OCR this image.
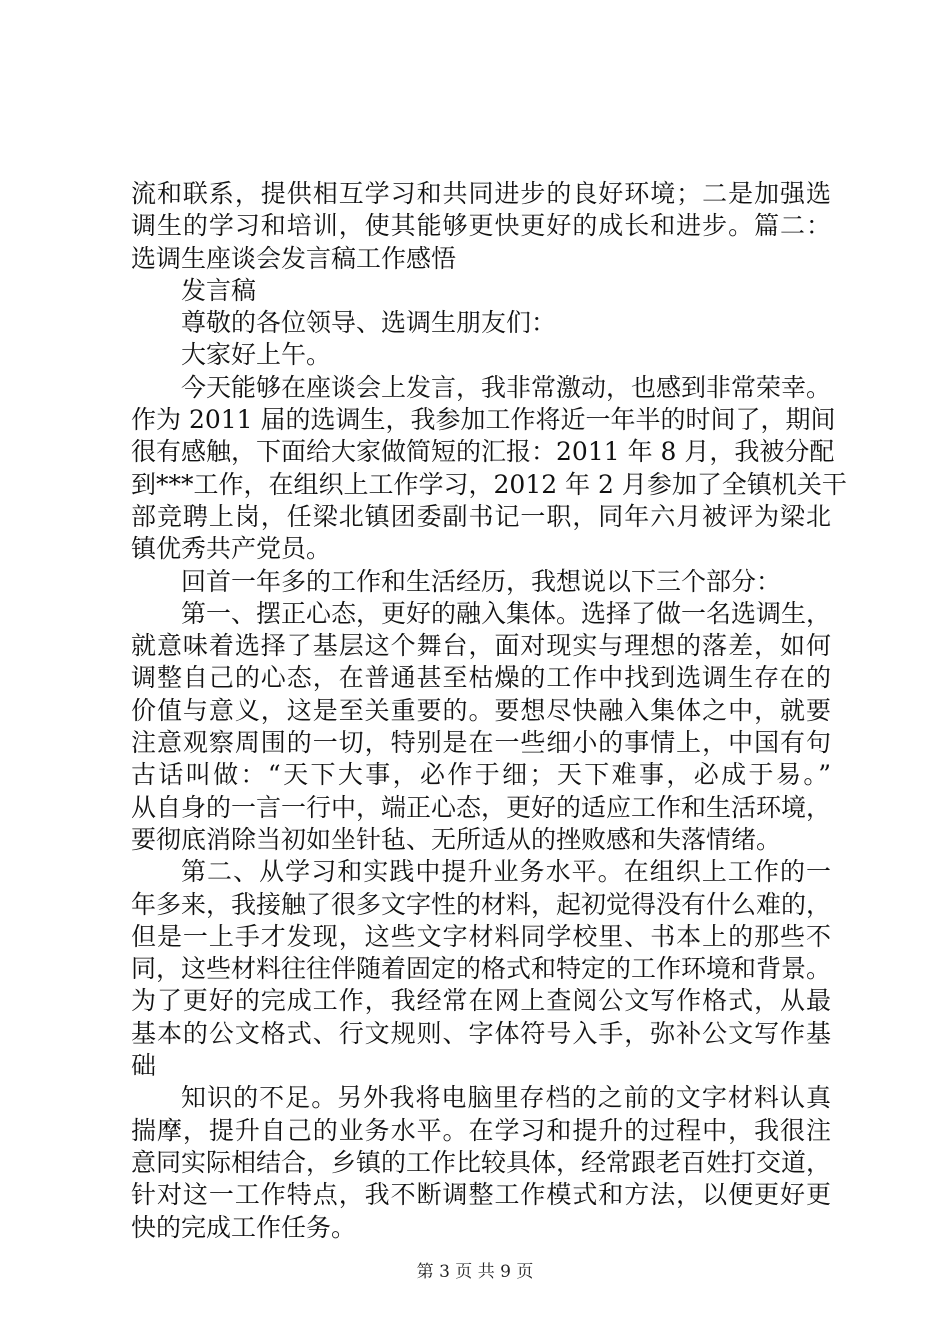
流和联系，提供相互学习和共同进步的良好环境；二是加强选
调生的学习和培训，使其能够更快更好的成长和进步。篇二：
选调生座谈会发言稿工作感悟
发言稿
尊敬的各位领导、选调生朋友们：
大家好上午。
今天能够在座谈会上发言，我非常激动，也感到非常荣幸。
作为 2011 届的选调生，我参加工作将近一年半的时间了，期间
很有感触，下面给大家做简短的汇报：2011 年 8 月，我被分配
到***工作，在组织上工作学习，2012 年 2 月参加了全镇机关干
部竞聘上岗，任梁北镇团委副书记一职，同年六月被评为梁北
镇优秀共产党员。
回首一年多的工作和生活经历，我想说以下三个部分：
第一、摆正心态，更好的融入集体。选择了做一名选调生，
就意味着选择了基层这个舞台，面对现实与理想的落差，如何
调整自己的心态，在普通甚至枯燥的工作中找到选调生存在的
价值与意义，这是至关重要的。要想尽快融入集体之中，就要
注意观察周围的一切，特别是在一些细小的事情上，中国有句
古话叫做：“天下大事，必作于细；天下难事，必成于易。”
从自身的一言一行中，端正心态，更好的适应工作和生活环境，
要彻底消除当初如坐针毡、无所适从的挫败感和失落情绪。
第二、从学习和实践中提升业务水平。在组织上工作的一
年多来，我接触了很多文字性的材料，起初觉得没有什么难的，
但是一上手才发现，这些文字材料同学校里、书本上的那些不
同，这些材料往往伴随着固定的格式和特定的工作环境和背景。
为了更好的完成工作，我经常在网上查阅公文写作格式，从最
基本的公文格式、行文规则、字体符号入手，弥补公文写作基
础
知识的不足。另外我将电脑里存档的之前的文字材料认真
揣摩，提升自己的业务水平。在学习和提升的过程中，我很注
意同实际相结合，乡镇的工作比较具体，经常跟老百姓打交道，
针对这一工作特点，我不断调整工作模式和方法，以便更好更
快的完成工作任务。
第 3 页 共 9 页
